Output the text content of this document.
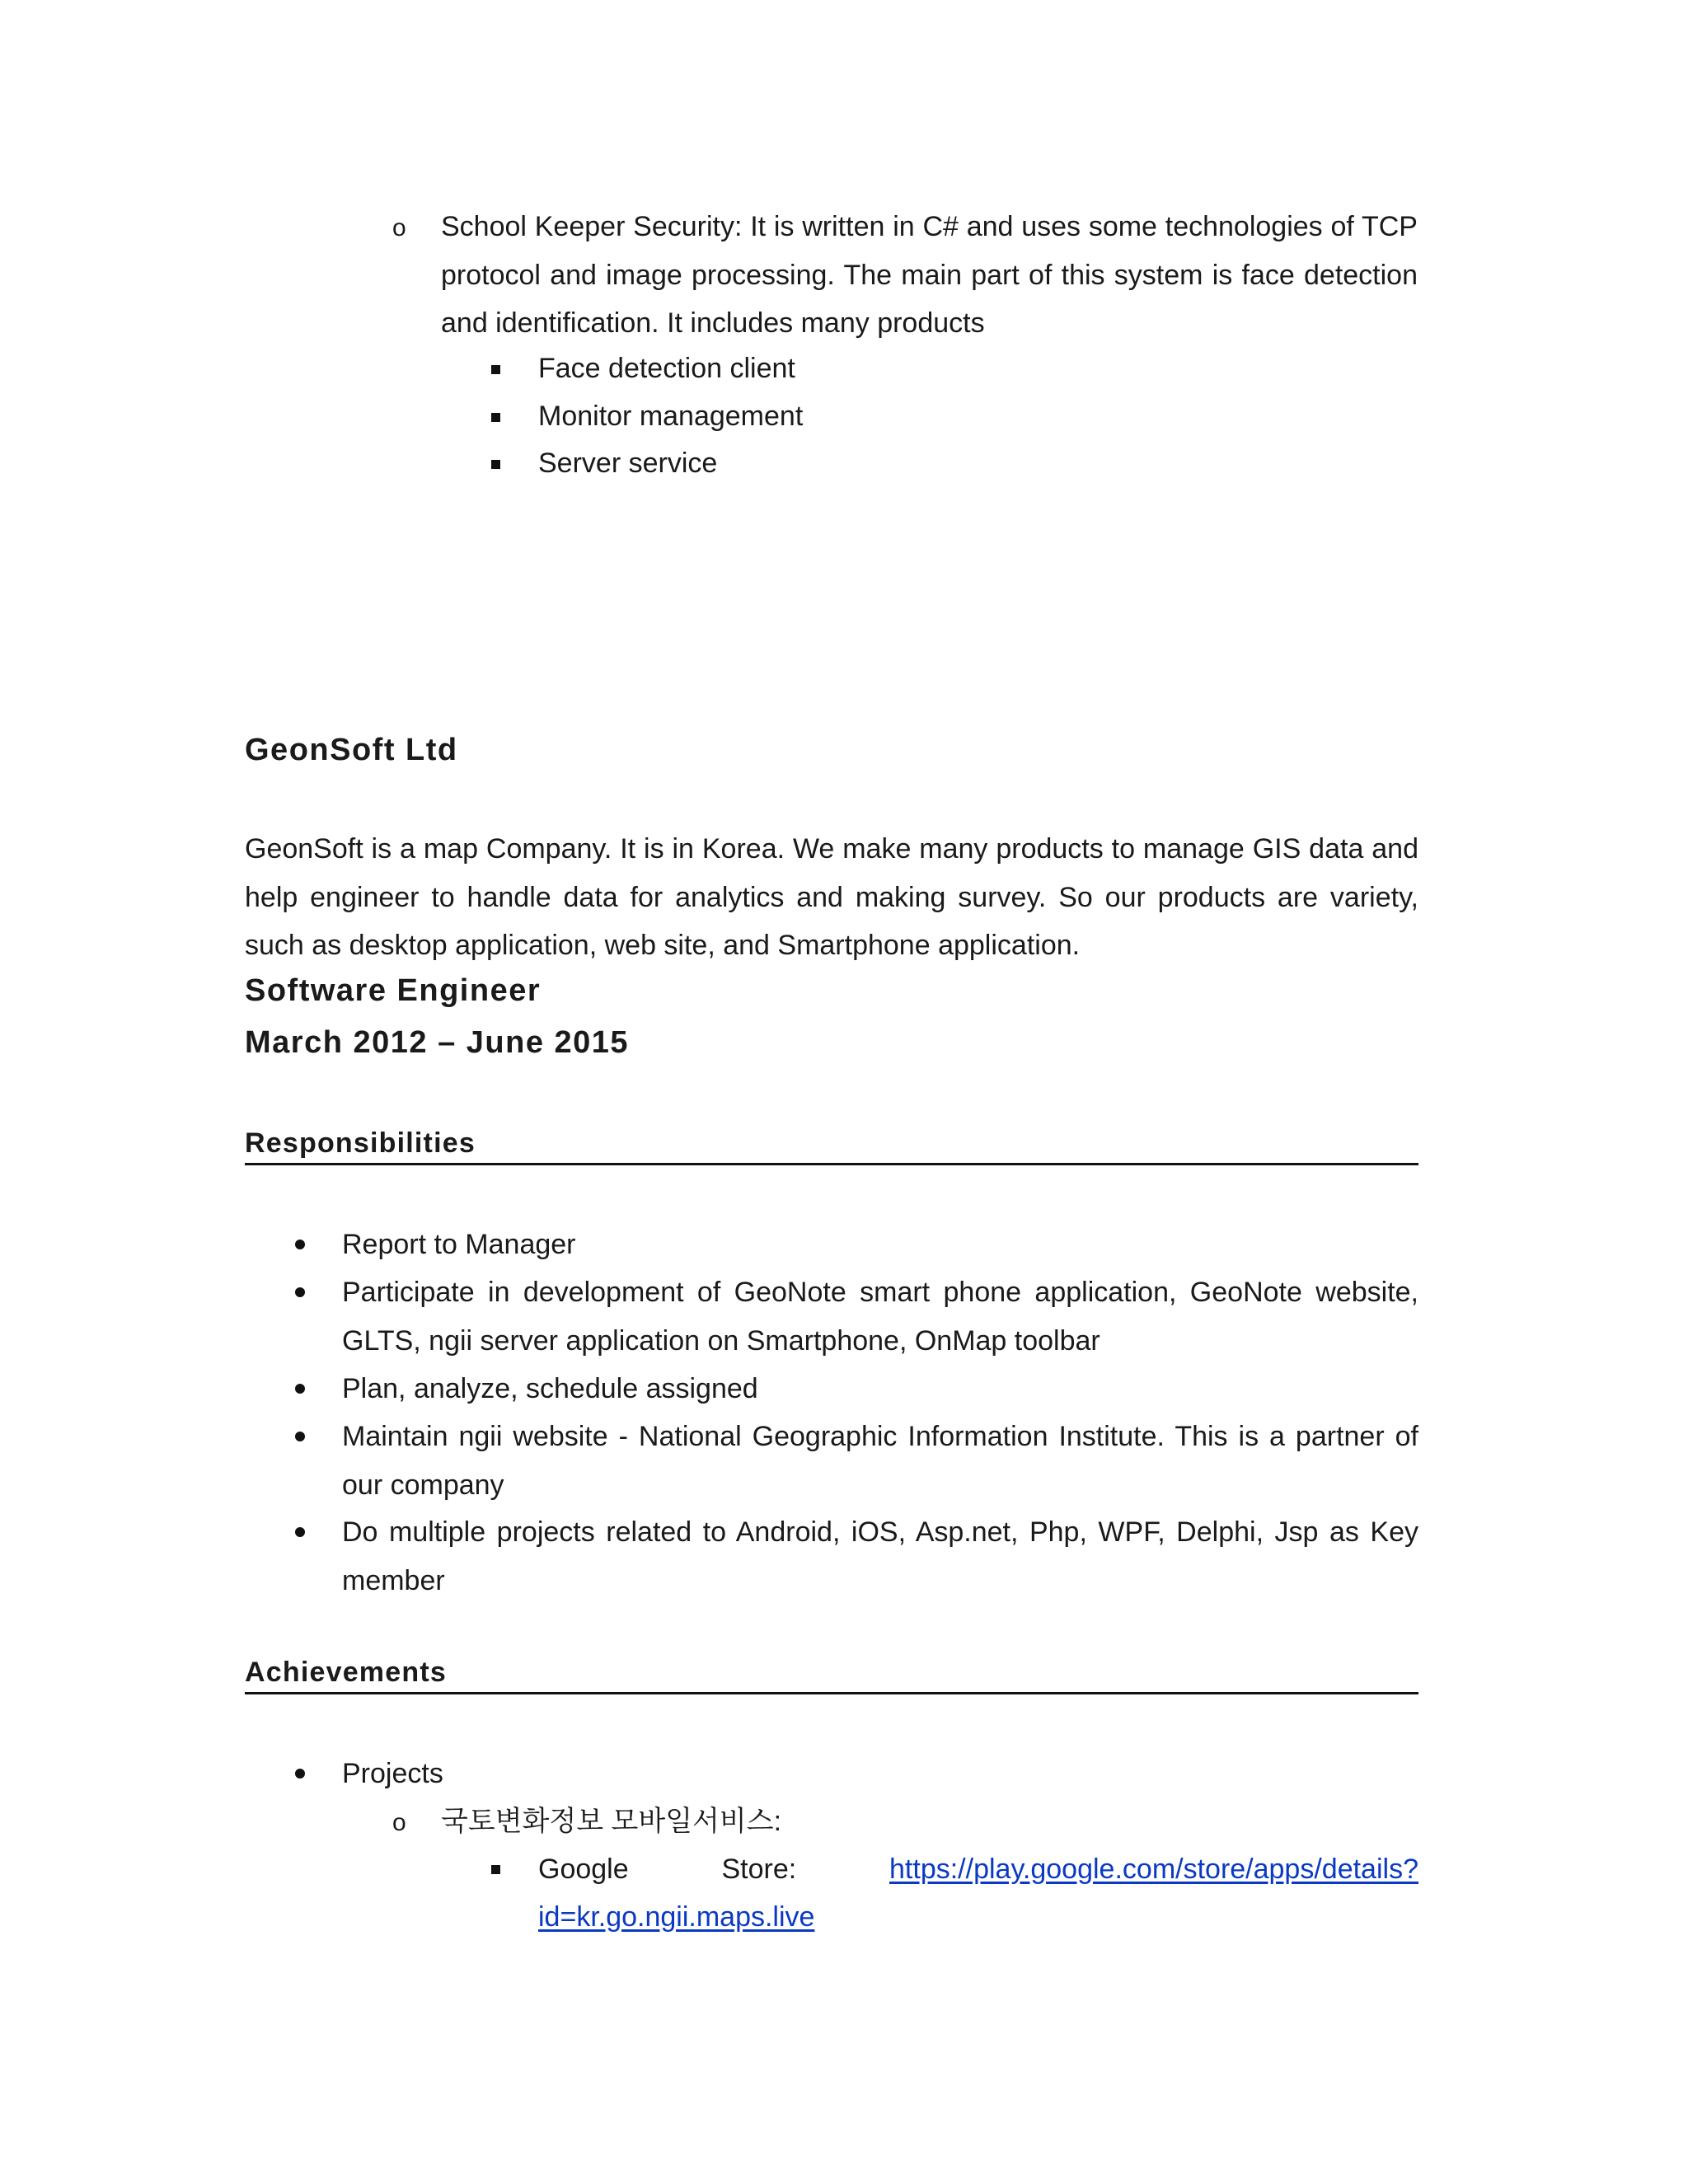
o School Keeper Security: It is written in C# and uses some technologies of TCP protocol and image processing. The main part of this system is face detection and identification. It includes many products
Face detection client
Monitor management
Server service
GeonSoft Ltd
GeonSoft is a map Company. It is in Korea. We make many products to manage GIS data and help engineer to handle data for analytics and making survey. So our products are variety, such as desktop application, web site, and Smartphone application.
Software Engineer
March 2012 – June 2015
Responsibilities
Report to Manager
Participate in development of GeoNote smart phone application, GeoNote website, GLTS, ngii server application on Smartphone, OnMap toolbar
Plan, analyze, schedule assigned
Maintain ngii website - National Geographic Information Institute. This is a partner of our company
Do multiple projects related to Android, iOS, Asp.net, Php, WPF, Delphi, Jsp as Key member
Achievements
Projects
o 국토변화정보 모바일서비스:
Google	Store:	https://play.google.com/store/apps/details?
id=kr.go.ngii.maps.live
